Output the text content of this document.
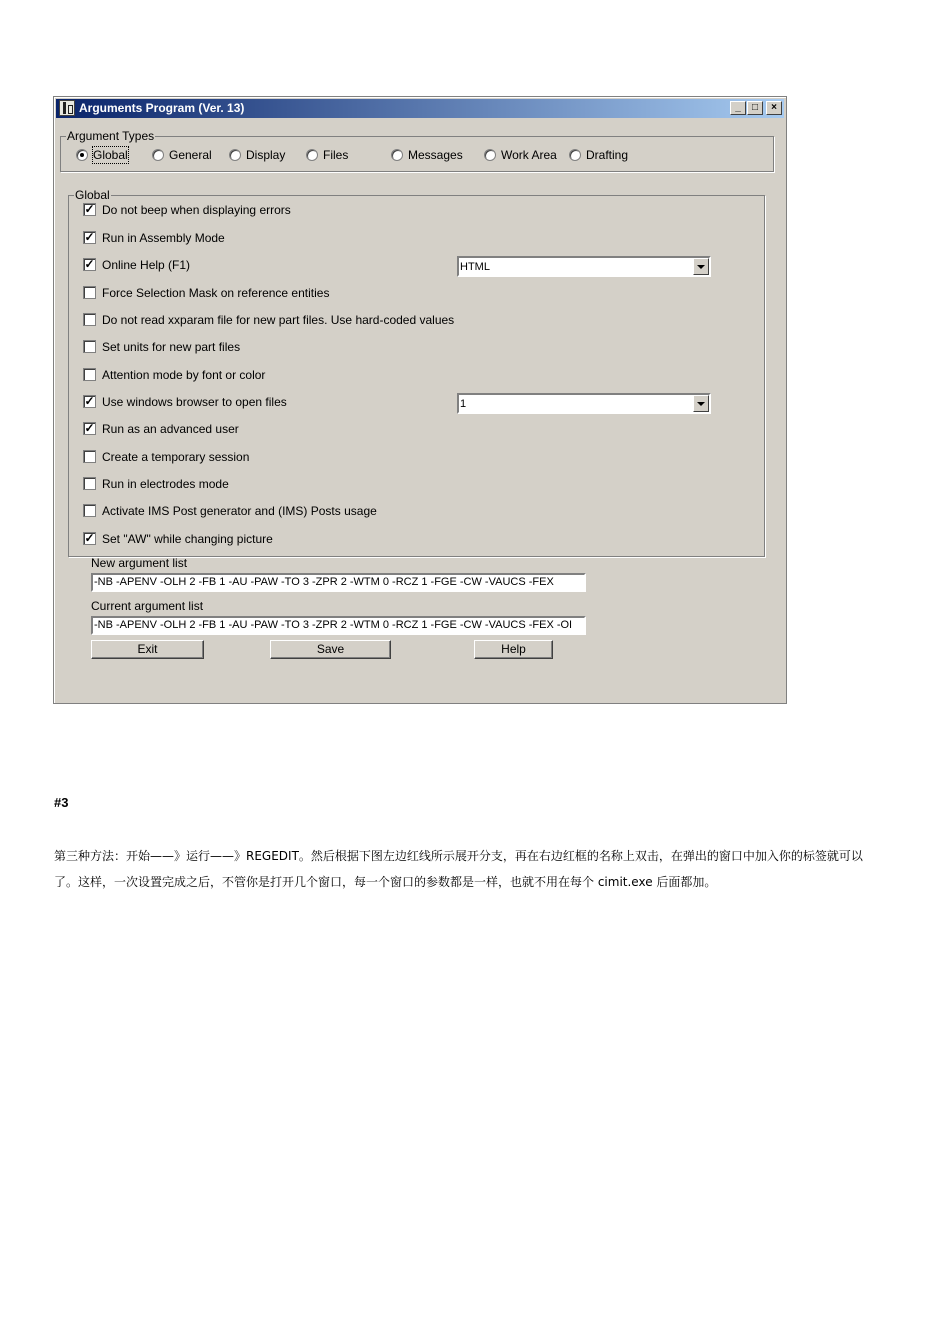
Arguments Program (Ver. 13)	_	□	×
Argument Types
Global	General	Display	Files	Messages	Work Area Drafting
Global
✓ Do not beep when displaying errors
✓ Run in Assembly Mode
✓ Online Help (F1)
Force Selection Mask on reference entities
Do not read xxparam file for new part files. Use hard-coded values
Set units for new part files
Attention mode by font or color
✓ Use windows browser to open files
✓ Run as an advanced user
Create a temporary session
Run in electrodes mode
Activate IMS Post generator and (IMS) Posts usage
✓ Set "AW" while changing picture
HTML
1
New argument list
-NB -APENV -OLH 2 -FB 1 -AU -PAW -TO 3 -ZPR 2 -WTM 0 -RCZ 1 -FGE -CW -VAUCS -FEX
Current argument list
-NB -APENV -OLH 2 -FB 1 -AU -PAW -TO 3 -ZPR 2 -WTM 0 -RCZ 1 -FGE -CW -VAUCS -FEX -OI
Exit	Save	Help
#3
第三种方法：开始——》运行——》REGEDIT。然后根据下图左边红线所示展开分支，再在右边红框的名称上双击，在弹出的窗口中加入你的标签就可以了。这样，一次设置完成之后，不管你是打开几个窗口，每一个窗口的参数都是一样，也就不用在每个 cimit.exe 后面都加。
